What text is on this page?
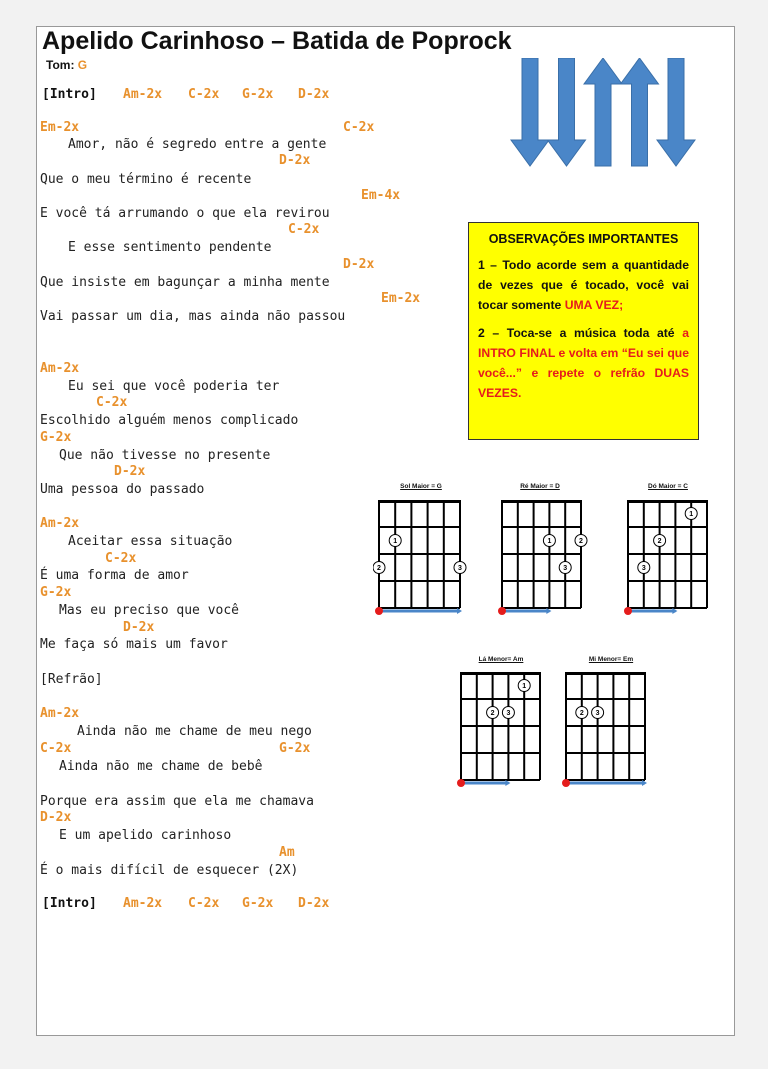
Apelido Carinhoso – Batida de Poprock
Tom: G
[Intro] Am-2x C-2x G-2x D-2x
Em-2x	C-2x
Amor, não é segredo entre a gente
D-2x
Que o meu término é recente
Em-4x
E você tá arrumando o que ela revirou
C-2x
E esse sentimento pendente
D-2x
Que insiste em bagunçar a minha mente
Em-2x
Vai passar um dia, mas ainda não passou
Am-2x
Eu sei que você poderia ter
C-2x
Escolhido alguém menos complicado
G-2x
Que não tivesse no presente
D-2x
Uma pessoa do passado
Am-2x
Aceitar essa situação
C-2x
É uma forma de amor
G-2x
Mas eu preciso que você
D-2x
Me faça só mais um favor
[Refrão]
Am-2x
Ainda não me chame de meu nego
C-2x	G-2x
Ainda não me chame de bebê
Porque era assim que ela me chamava
D-2x
E um apelido carinhoso
Am
É o mais difícil de esquecer (2X)
[Intro] Am-2x C-2x G-2x D-2x
OBSERVAÇÕES IMPORTANTES

1 – Todo acorde sem a quantidade de vezes que é tocado, você vai tocar somente UMA VEZ;

2 – Toca-se a música toda até a INTRO FINAL e volta em “Eu sei que você...” e repete o refrão DUAS VEZES.

Sol Maior = G
1
2	3
Ré Maior = D
1	2
3
Dó Maior = C
1
2
3
Lá Menor= Am
1
2 3
Mi Menor= Em
2 3
